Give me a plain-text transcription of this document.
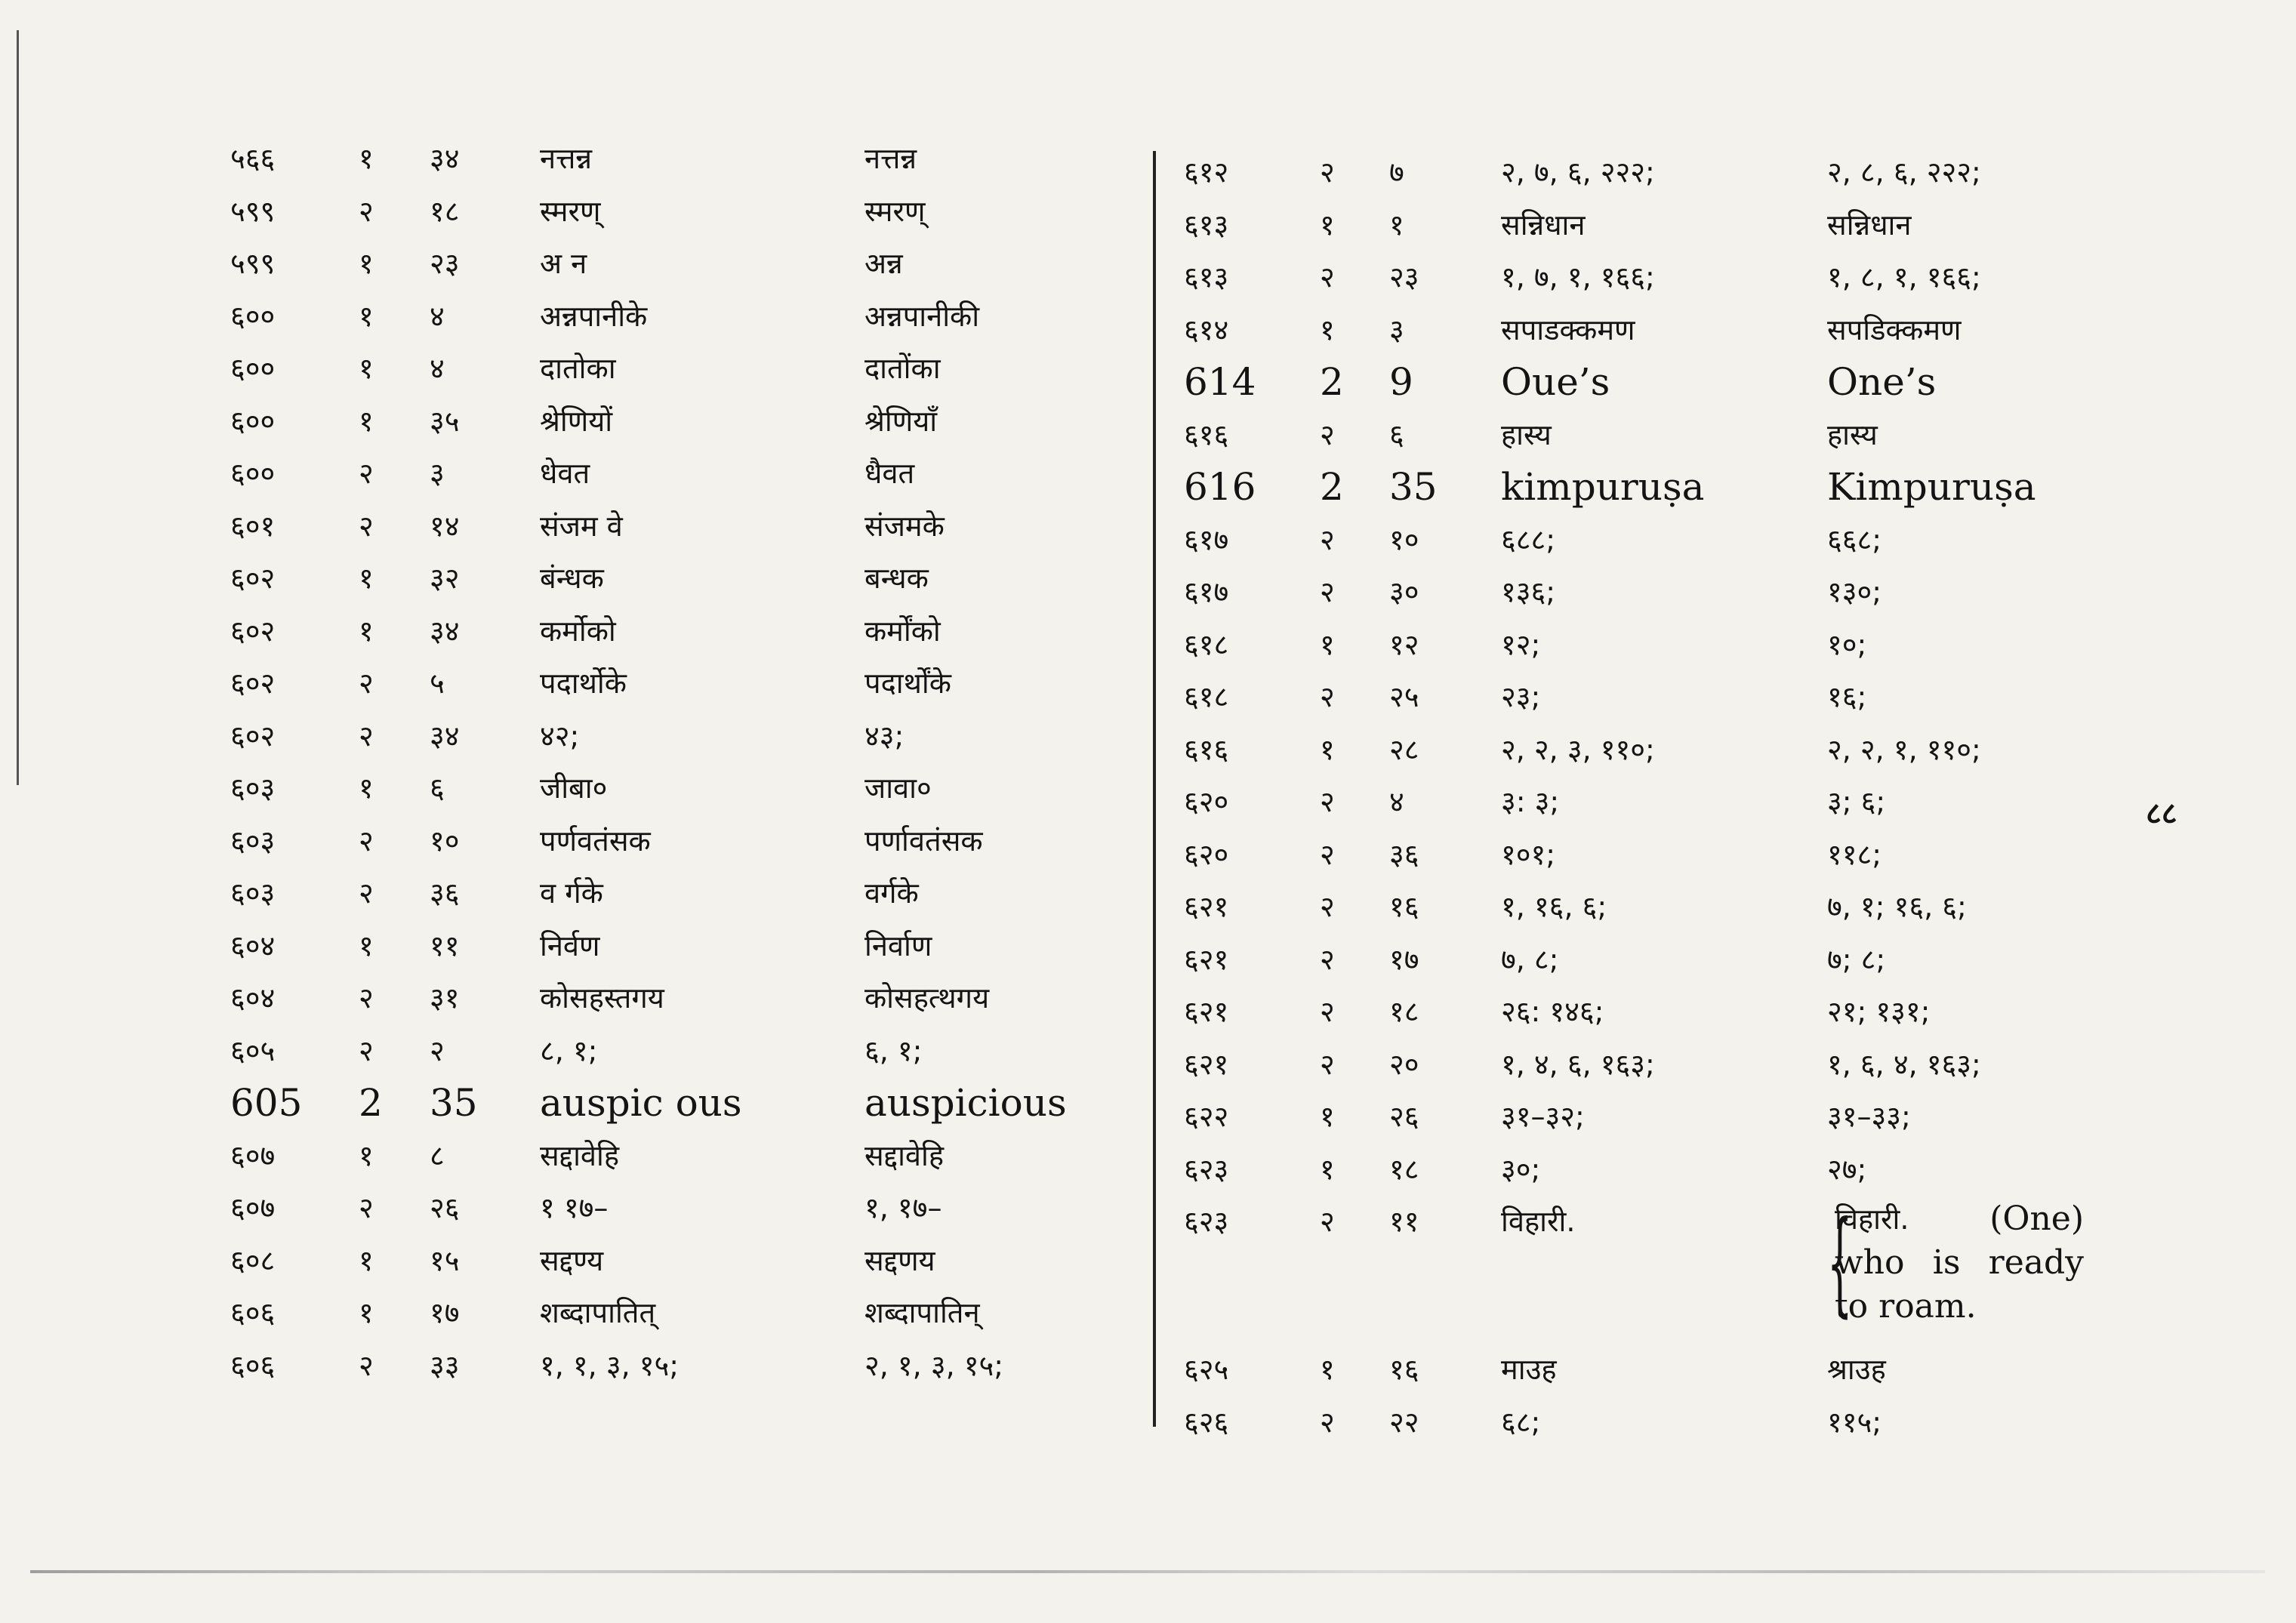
५६६	१ ३४	नत्तन्न	नत्तन्न
५९९	२ १८	स्मरण्	स्मरण्
५९९	१ २३	अ न	अन्न
६००	१ ४	अन्नपानीके	अन्नपानीकी
६००	१ ४	दातोका	दातोंका
६००	१ ३५	श्रेणियों	श्रेणियाँ
६००	२ ३	धेवत	धैवत
६०१	२ १४	संजम वे	संजमके
६०२	१ ३२	बंन्धक	बन्धक
६०२	१ ३४	कर्मोको	कर्मोंको
६०२	२ ५	पदार्थोके	पदार्थोंके
६०२	२ ३४	४२;	४३;
६०३	१ ६	जीबा०	जावा०
६०३	२ १०	पर्णवतंसक	पर्णावतंसक
६०३	२ ३६	व र्गके	वर्गके
६०४	१ ११	निर्वण	निर्वाण
६०४	२ ३१	कोसहस्तगय	कोसहत्थगय
६०५	२ २	८, १;	६, १;
605 2 35 auspic ous	auspicious
६०७	१ ८	सद्दावेहि	सद्दावेहि
६०७	२ २६	१ १७–	१, १७–
६०८	१ १५	सद्दण्य	सद्दणय
६०६	१ १७	शब्दापातित्	शब्दापातिन्
६०६	२ ३३	१, १, ३, १५;	२, १, ३, १५;
६१२	२ ७	२, ७, ६, २२२;	२, ८, ६, २२२;
६१३	१ १	सन्निधान	सन्निधान
६१३	२ २३	१, ७, १, १६६;	१, ८, १, १६६;
६१४	१ ३	सपाडक्कमण	सपडिक्कमण
614 2 9 Oue’s	One’s
६१६	२ ६	हास्य	हास्य
616 2 35 kimpuruṣa	Kimpuruṣa
६१७	२ १०	६८८;	६६८;
६१७	२ ३०	१३६;	१३०;
६१८	१ १२	१२;	१०;
६१८	२ २५	२३;	१६;
६१६	१ २८	२, २, ३, ११०;	२, २, १, ११०;
६२०	२ ४	३: ३;	३; ६;
६२०	२ ३६	१०१;	११८;
६२१	२ १६	१, १६, ६;	७, १; १६, ६;
६२१	२ १७	७, ८;	७; ८;
६२१	२ १८	२६: १४६;	२१; १३१;
६२१	२ २०	१, ४, ६, १६३;	१, ६, ४, १६३;
६२२	१ २६	३१–३२;	३१–३३;
६२३	१ १८	३०;	२७;
६२३	२ ११	विहारी. {
विहारी. (One)
who is ready
to roam.
६२५	१ १६	माउह	श्राउह
६२६	२ २२	६८;	११५;
८८
